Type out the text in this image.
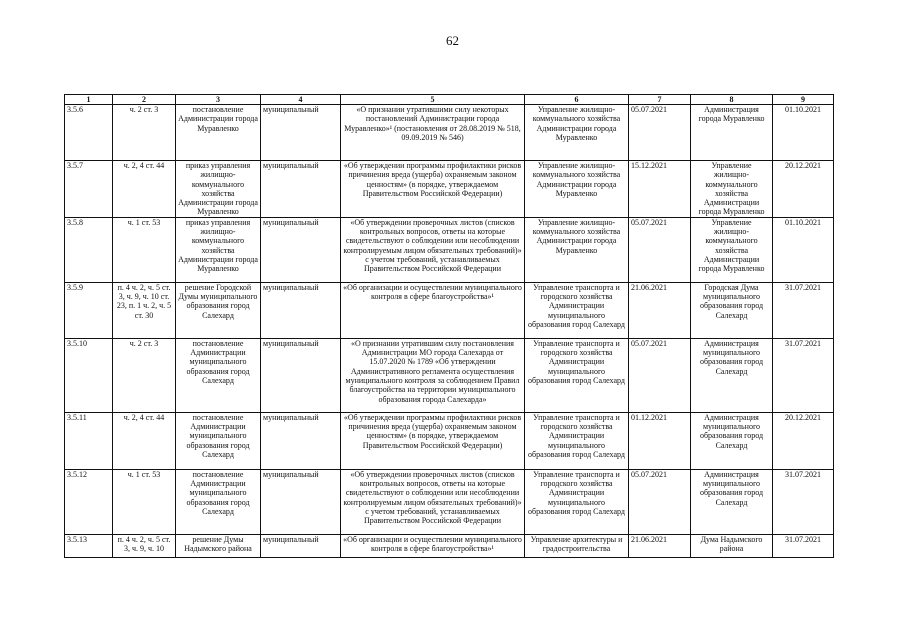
62
1	2	3	4	5	6	7	8	9
3.5.6	ч. 2 ст. 3	постановление Администрации города Муравленко	муниципальный	«О признании утратившими силу некоторых постановлений Администрации города Муравленко»¹ (постановления от 28.08.2019 № 518, 09.09.2019 № 546)	Управление жилищно-коммунального хозяйства Администрации города Муравленко	05.07.2021	Администрация города Муравленко	01.10.2021
3.5.7	ч. 2, 4 ст. 44	приказ управления жилищно-коммунального хозяйства Администрации города Муравленко	муниципальный	«Об утверждении программы профилактики рисков причинения вреда (ущерба) охраняемым законом ценностям» (в порядке, утверждаемом Правительством Российской Федерации)	Управление жилищно-коммунального хозяйства Администрации города Муравленко	15.12.2021	Управление жилищно-коммунального хозяйства Администрации города Муравленко	20.12.2021
3.5.8	ч. 1 ст. 53	приказ управления жилищно-коммунального хозяйства Администрации города Муравленко	муниципальный	«Об утверждении проверочных листов (списков контрольных вопросов, ответы на которые свидетельствуют о соблюдении или несоблюдении контролируемым лицом обязательных требований)» с учетом требований, устанавливаемых Правительством Российской Федерации	Управление жилищно-коммунального хозяйства Администрации города Муравленко	05.07.2021	Управление жилищно-коммунального хозяйства Администрации города Муравленко	01.10.2021
3.5.9	п. 4 ч. 2, ч. 5 ст. 3, ч. 9, ч. 10 ст. 23, п. 1 ч. 2, ч. 5 ст. 30	решение Городской Думы муниципального образования город Салехард	муниципальный	«Об организации и осуществлении муниципального контроля в сфере благоустройства»¹	Управление транспорта и городского хозяйства Администрации муниципального образования город Салехард	21.06.2021	Городская Дума муниципального образования город Салехард	31.07.2021
3.5.10	ч. 2 ст. 3	постановление Администрации муниципального образования город Салехард	муниципальный	«О признании утратившим силу постановления Администрации МО города Салехарда от 15.07.2020 № 1789 «Об утверждении Административного регламента осуществления муниципального контроля за соблюдением Правил благоустройства на территории муниципального образования города Салехарда»	Управление транспорта и городского хозяйства Администрации муниципального образования город Салехард	05.07.2021	Администрация муниципального образования город Салехард	31.07.2021
3.5.11	ч. 2, 4 ст. 44	постановление Администрации муниципального образования город Салехард	муниципальный	«Об утверждении программы профилактики рисков причинения вреда (ущерба) охраняемым законом ценностям» (в порядке, утверждаемом Правительством Российской Федерации)	Управление транспорта и городского хозяйства Администрации муниципального образования город Салехард	01.12.2021	Администрация муниципального образования город Салехард	20.12.2021
3.5.12	ч. 1 ст. 53	постановление Администрации муниципального образования город Салехард	муниципальный	«Об утверждении проверочных листов (списков контрольных вопросов, ответы на которые свидетельствуют о соблюдении или несоблюдении контролируемым лицом обязательных требований)» с учетом требований, устанавливаемых Правительством Российской Федерации	Управление транспорта и городского хозяйства Администрации муниципального образования город Салехард	05.07.2021	Администрация муниципального образования город Салехард	31.07.2021
3.5.13	п. 4 ч. 2, ч. 5 ст. 3, ч. 9, ч. 10	решение Думы Надымского района	муниципальный	«Об организации и осуществлении муниципального контроля в сфере благоустройства»¹	Управление архитектуры и градостроительства	21.06.2021	Дума Надымского района	31.07.2021
